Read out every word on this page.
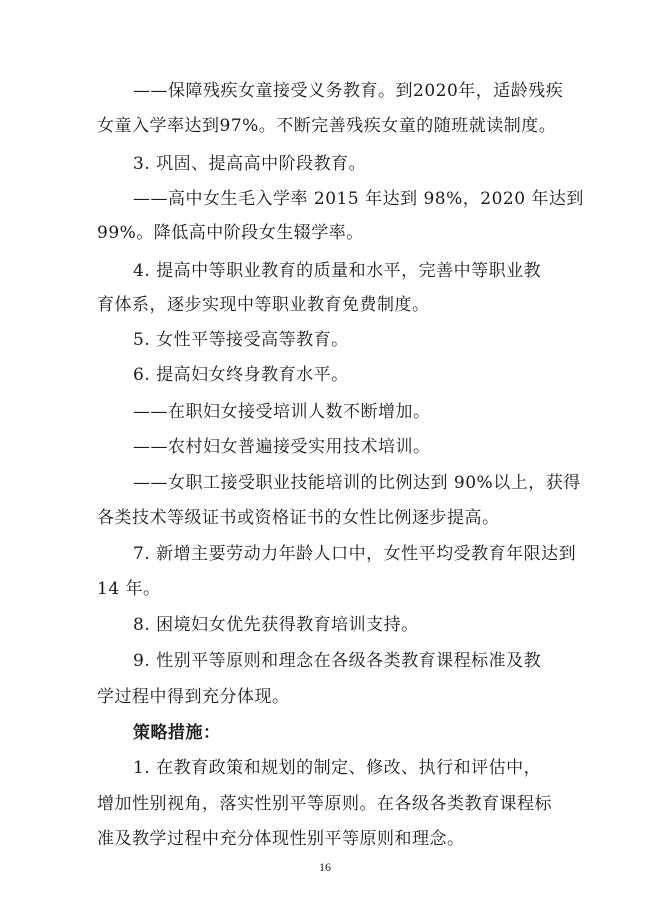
——保障残疾女童接受义务教育。到2020年，适龄残疾
女童入学率达到97%。不断完善残疾女童的随班就读制度。
3. 巩固、提高高中阶段教育。
——高中女生毛入学率 2015 年达到 98%，2020 年达到
99%。降低高中阶段女生辍学率。
4. 提高中等职业教育的质量和水平，完善中等职业教
育体系，逐步实现中等职业教育免费制度。
5. 女性平等接受高等教育。
6. 提高妇女终身教育水平。
——在职妇女接受培训人数不断增加。
——农村妇女普遍接受实用技术培训。
——女职工接受职业技能培训的比例达到 90%以上，获得
各类技术等级证书或资格证书的女性比例逐步提高。
7. 新增主要劳动力年龄人口中，女性平均受教育年限达到
14 年。
8. 困境妇女优先获得教育培训支持。
9. 性别平等原则和理念在各级各类教育课程标准及教
学过程中得到充分体现。
策略措施：
1. 在教育政策和规划的制定、修改、执行和评估中，
增加性别视角，落实性别平等原则。在各级各类教育课程标
准及教学过程中充分体现性别平等原则和理念。
16
